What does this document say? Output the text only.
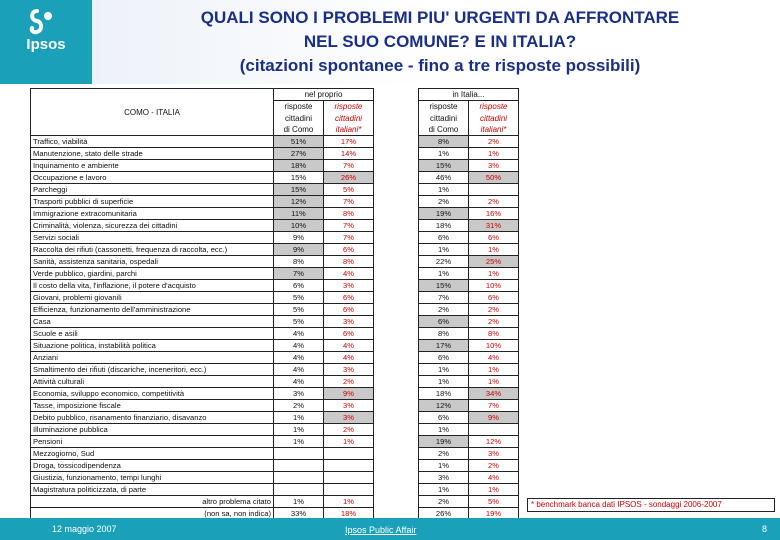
Ipsos
QUALI SONO I PROBLEMI PIU' URGENTI DA AFFRONTARE
NEL SUO COMUNE? E IN ITALIA?
(citazioni spontanee - fino a tre risposte possibili)
COMO - ITALIA	nel proprio			in Italia...	
	risposte	risposte		risposte	risposte
	cittadini	cittadini		cittadini	cittadini
	di Como	italiani*		di Como	italiani*
Traffico, viabilità	51%	17%		8%	2%
Manutenzione, stato delle strade	27%	14%		1%	1%
Inquinamento e ambiente	18%	7%		15%	3%
Occupazione e lavoro	15%	26%		46%	50%
Parcheggi	15%	5%		1%	
Trasporti pubblici di superficie	12%	7%		2%	2%
Immigrazione extracomunitaria	11%	8%		19%	16%
Criminalità, violenza, sicurezza dei cittadini	10%	7%		18%	31%
Servizi sociali	9%	7%		6%	6%
Raccolta dei rifiuti (cassonetti, frequenza di raccolta, ecc.)	9%	6%		1%	1%
Sanità, assistenza sanitaria, ospedali	8%	8%		22%	25%
Verde pubblico, giardini, parchi	7%	4%		1%	1%
Il costo della vita, l'inflazione, il potere d'acquisto	6%	3%		15%	10%
Giovani, problemi giovanili	5%	6%		7%	6%
Efficienza, funzionamento dell'amministrazione	5%	6%		2%	2%
Casa	5%	3%		6%	2%
Scuole e asili	4%	6%		8%	8%
Situazione politica, instabilità politica	4%	4%		17%	10%
Anziani	4%	4%		6%	4%
Smaltimento dei rifiuti (discariche, inceneritori, ecc.)	4%	3%		1%	1%
Attività culturali	4%	2%		1%	1%
Economia, sviluppo economico, competitività	3%	9%		18%	34%
Tasse, imposizione fiscale	2%	3%		12%	7%
Debito pubblico, risanamento finanziario, disavanzo	1%	3%		6%	9%
Illuminazione pubblica	1%	2%		1%	
Pensioni	1%	1%		19%	12%
Mezzogiorno, Sud				2%	3%
Droga, tossicodipendenza				1%	2%
Giustizia, funzionamento, tempi lunghi				3%	4%
Magistratura politicizzata, di parte				1%	1%
altro problema citato	1%	1%		2%	5%
(non sa, non indica)	33%	18%		26%	19%
* benchmark banca dati IPSOS - sondaggi 2006-2007
12 maggio 2007	Ipsos Public Affair	8
